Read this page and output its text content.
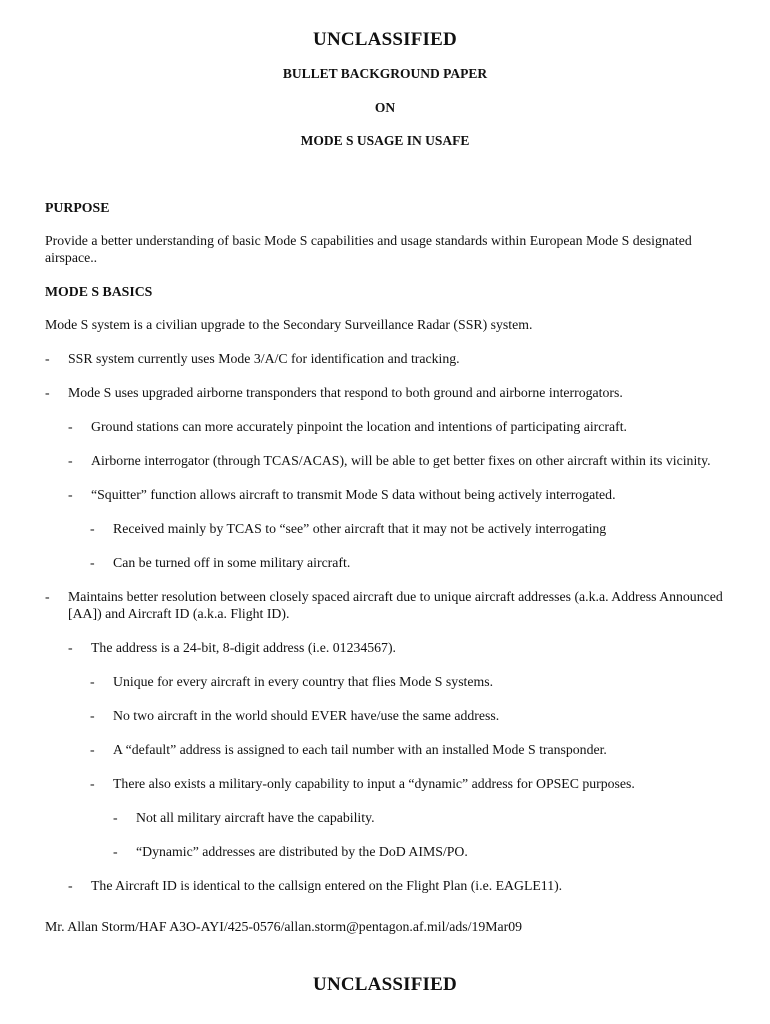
UNCLASSIFIED
BULLET BACKGROUND PAPER
ON
MODE S USAGE IN USAFE

PURPOSE

Provide a better understanding of basic Mode S capabilities and usage standards within European Mode S designated airspace..

MODE S BASICS

Mode S system is a civilian upgrade to the Secondary Surveillance Radar (SSR) system.

-	SSR system currently uses Mode 3/A/C for identification and tracking.
-	Mode S uses upgraded airborne transponders that respond to both ground and airborne interrogators.
-	Ground stations can more accurately pinpoint the location and intentions of participating aircraft.
-	Airborne interrogator (through TCAS/ACAS), will be able to get better fixes on other aircraft within its vicinity.
-	“Squitter” function allows aircraft to transmit Mode S data without being actively interrogated.
-	Received mainly by TCAS to “see” other aircraft that it may not be actively interrogating
-	Can be turned off in some military aircraft.
-	Maintains better resolution between closely spaced aircraft due to unique aircraft addresses (a.k.a. Address Announced [AA]) and Aircraft ID (a.k.a. Flight ID).
-	The address is a 24-bit, 8-digit address (i.e. 01234567).
-	Unique for every aircraft in every country that flies Mode S systems.
-	No two aircraft in the world should EVER have/use the same address.
-	A “default” address is assigned to each tail number with an installed Mode S transponder.
-	There also exists a military-only capability to input a “dynamic” address for OPSEC purposes.
-	Not all military aircraft have the capability.
-	“Dynamic” addresses are distributed by the DoD AIMS/PO.
-	The Aircraft ID is identical to the callsign entered on the Flight Plan (i.e. EAGLE11).

Mr. Allan Storm/HAF A3O-AYI/425-0576/allan.storm@pentagon.af.mil/ads/19Mar09

UNCLASSIFIED
